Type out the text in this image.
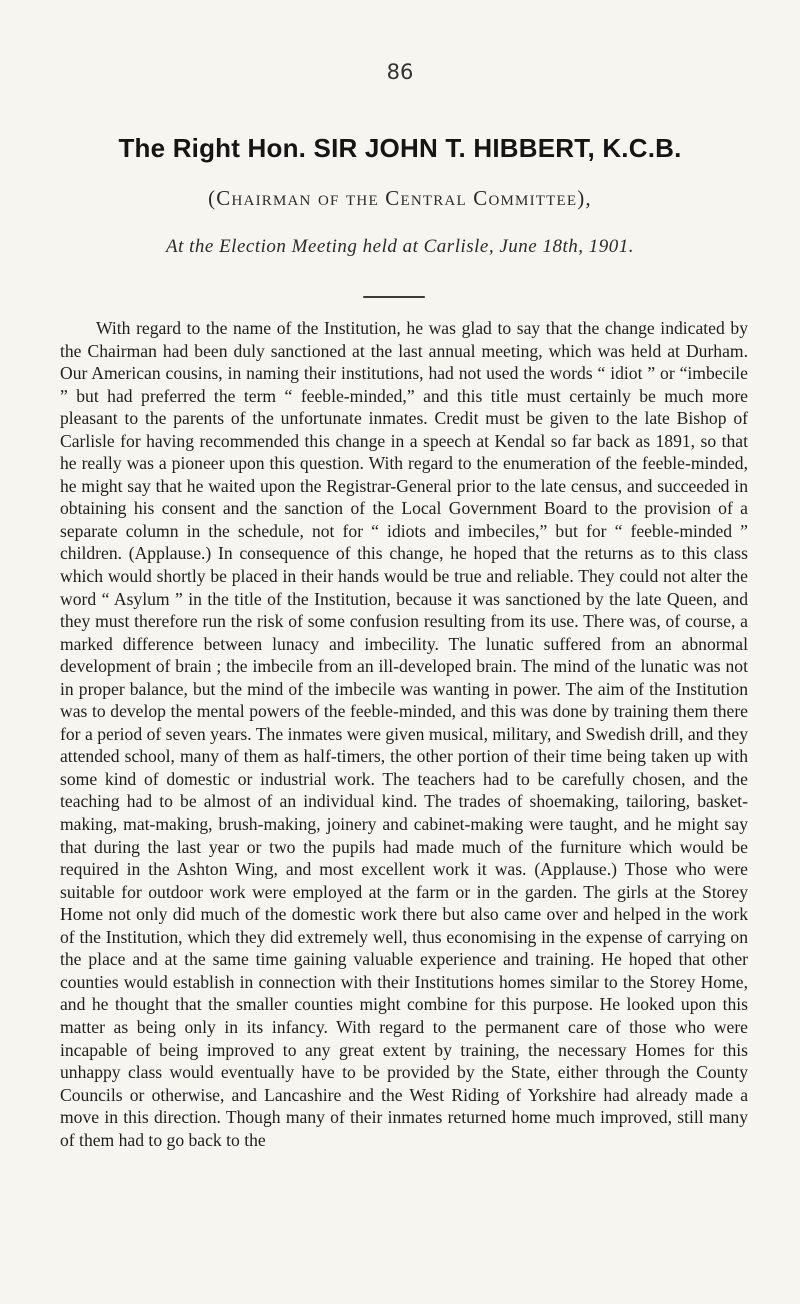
86
The Right Hon. SIR JOHN T. HIBBERT, K.C.B.
(Chairman of the Central Committee),
At the Election Meeting held at Carlisle, June 18th, 1901.

With regard to the name of the Institution, he was glad to say that the change indicated by the Chairman had been duly sanctioned at the last annual meeting, which was held at Durham. Our American cousins, in naming their institutions, had not used the words “ idiot ” or “imbecile ” but had preferred the term “ feeble-minded,” and this title must certainly be much more pleasant to the parents of the unfortunate inmates. Credit must be given to the late Bishop of Carlisle for having recommended this change in a speech at Kendal so far back as 1891, so that he really was a pioneer upon this question. With regard to the enumeration of the feeble-minded, he might say that he waited upon the Registrar-General prior to the late census, and succeeded in obtaining his consent and the sanction of the Local Government Board to the provision of a separate column in the schedule, not for “ idiots and imbeciles,” but for “ feeble-minded ” children. (Applause.) In consequence of this change, he hoped that the returns as to this class which would shortly be placed in their hands would be true and reliable. They could not alter the word “ Asylum ” in the title of the Institution, because it was sanctioned by the late Queen, and they must therefore run the risk of some confusion resulting from its use. There was, of course, a marked difference between lunacy and imbecility. The lunatic suffered from an abnormal development of brain ; the imbecile from an ill-developed brain. The mind of the lunatic was not in proper balance, but the mind of the imbecile was wanting in power. The aim of the Institution was to develop the mental powers of the feeble-minded, and this was done by training them there for a period of seven years. The inmates were given musical, military, and Swedish drill, and they attended school, many of them as half-timers, the other portion of their time being taken up with some kind of domestic or industrial work. The teachers had to be carefully chosen, and the teaching had to be almost of an individual kind. The trades of shoemaking, tailoring, basket-making, mat-making, brush-making, joinery and cabinet-making were taught, and he might say that during the last year or two the pupils had made much of the furniture which would be required in the Ashton Wing, and most excellent work it was. (Applause.) Those who were suitable for outdoor work were employed at the farm or in the garden. The girls at the Storey Home not only did much of the domestic work there but also came over and helped in the work of the Institution, which they did extremely well, thus economising in the expense of carrying on the place and at the same time gaining valuable experience and training. He hoped that other counties would establish in connection with their Institutions homes similar to the Storey Home, and he thought that the smaller counties might combine for this purpose. He looked upon this matter as being only in its infancy. With regard to the permanent care of those who were incapable of being improved to any great extent by training, the necessary Homes for this unhappy class would eventually have to be provided by the State, either through the County Councils or otherwise, and Lancashire and the West Riding of Yorkshire had already made a move in this direction. Though many of their inmates returned home much improved, still many of them had to go back to the
